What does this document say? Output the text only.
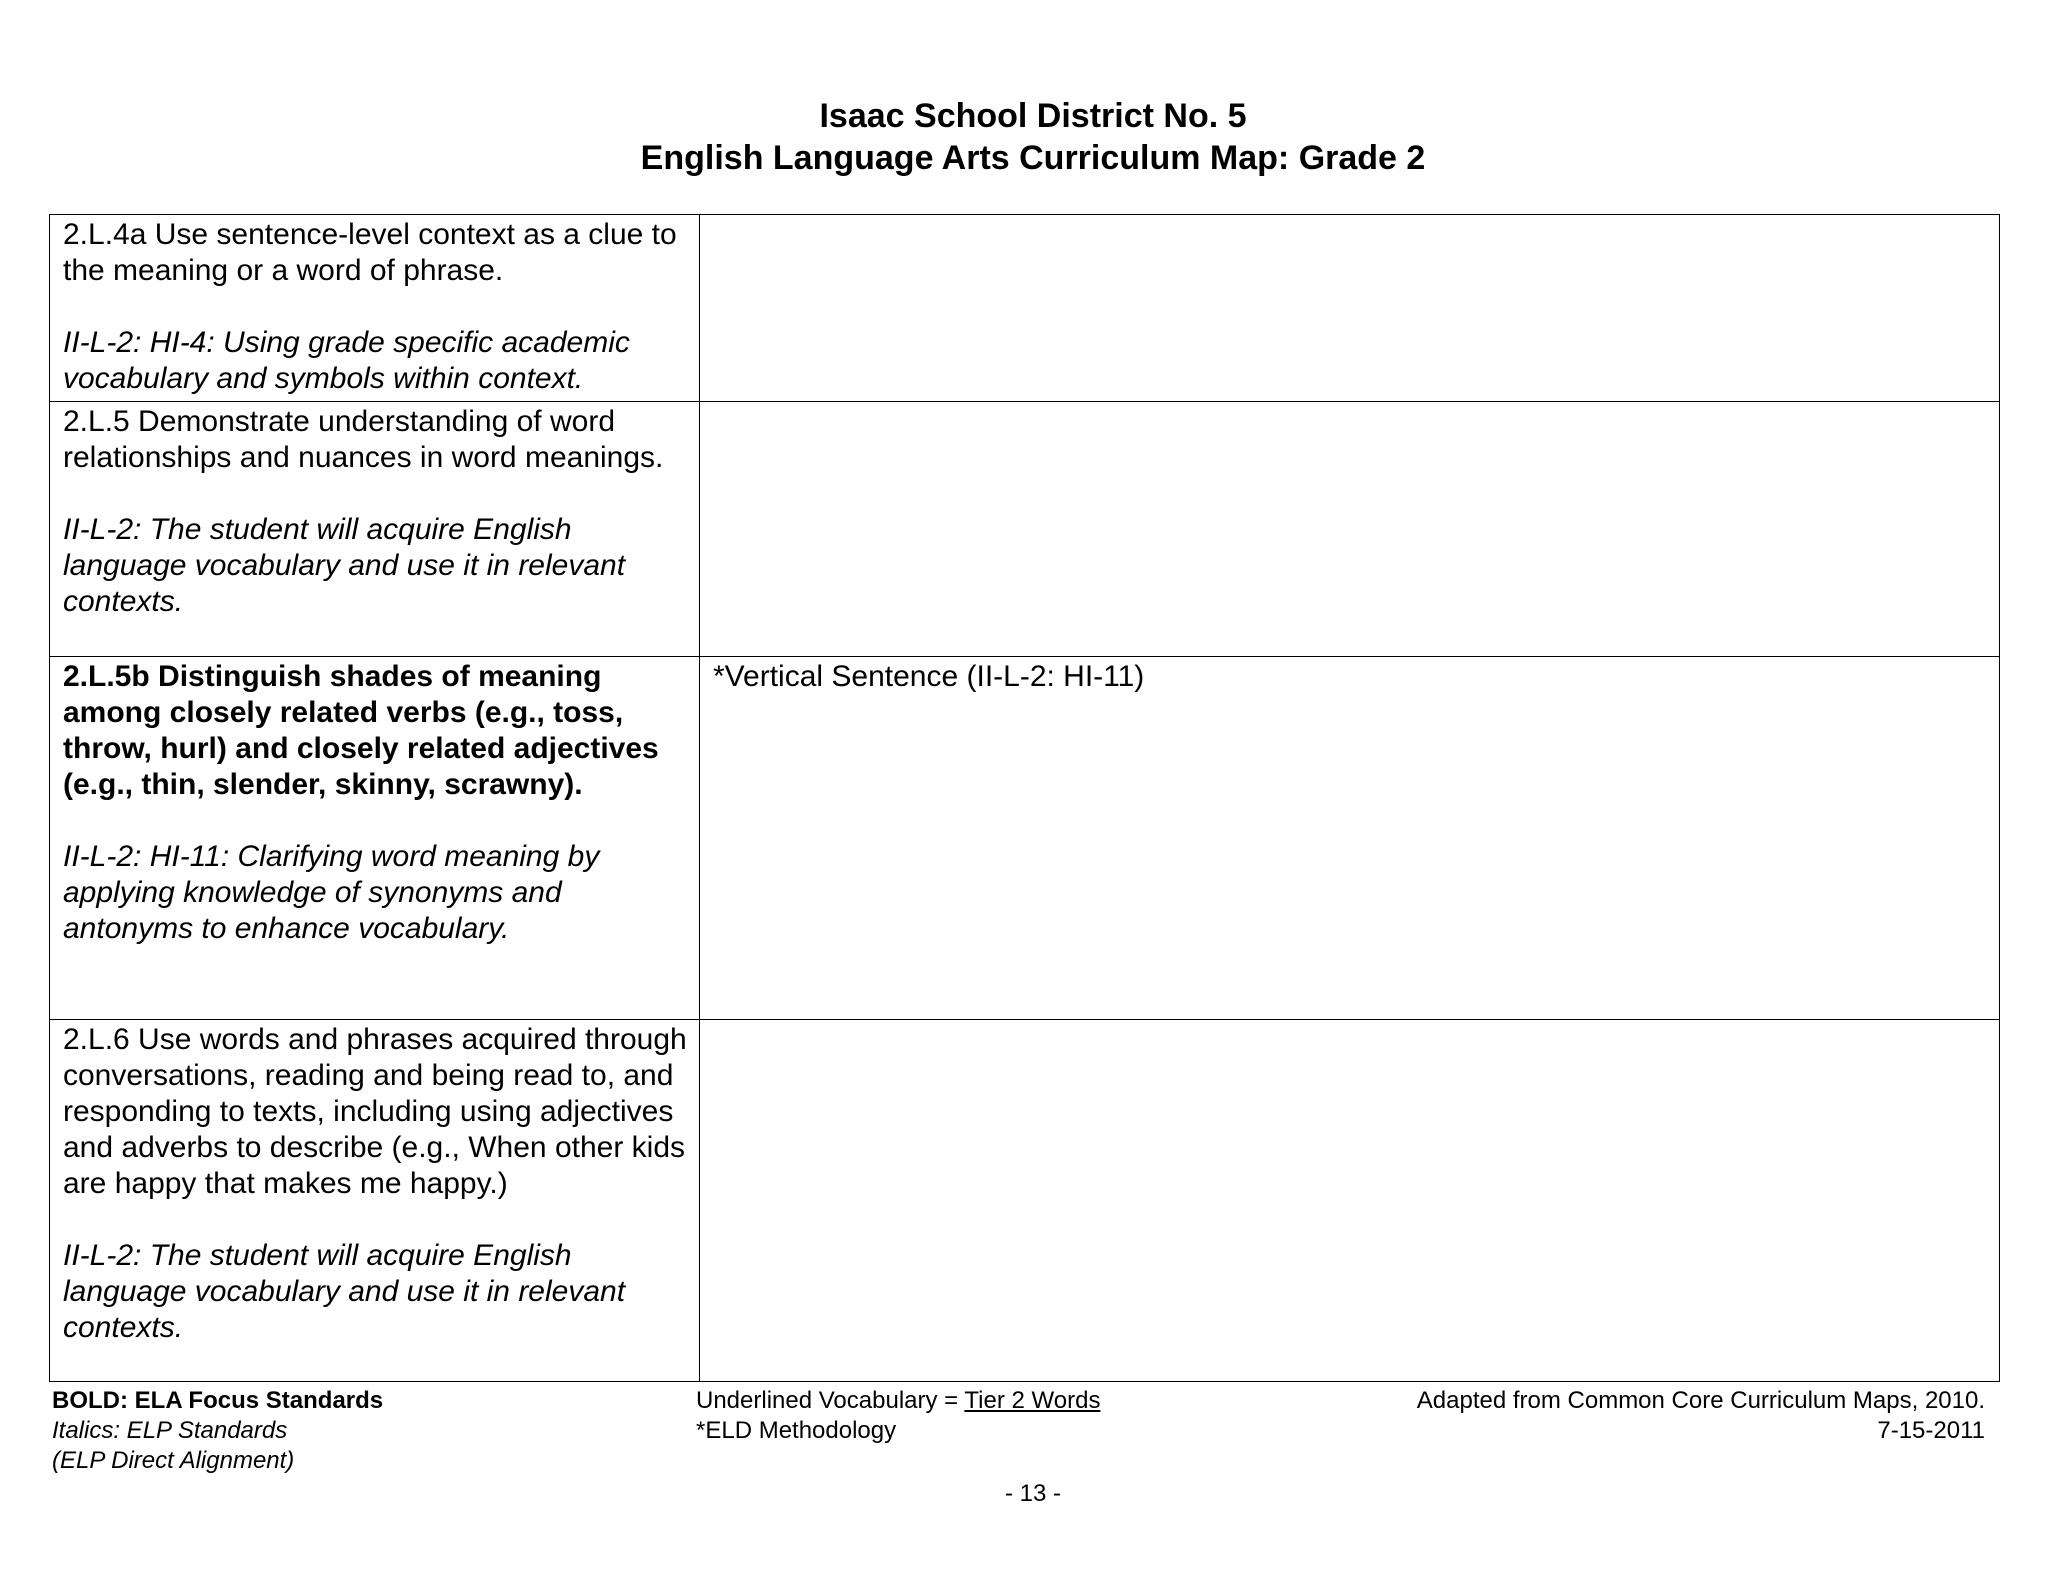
Isaac School District No. 5
English Language Arts Curriculum Map: Grade 2
2.L.4a Use sentence-level context as a clue to the meaning or a word of phrase.
II-L-2: HI-4: Using grade specific academic vocabulary and symbols within context.	

2.L.5 Demonstrate understanding of word relationships and nuances in word meanings.
II-L-2: The student will acquire English language vocabulary and use it in relevant contexts.	

2.L.5b Distinguish shades of meaning among closely related verbs (e.g., toss, throw, hurl) and closely related adjectives (e.g., thin, slender, skinny, scrawny).
II-L-2: HI-11: Clarifying word meaning by applying knowledge of synonyms and antonyms to enhance vocabulary.	*Vertical Sentence (II-L-2: HI-11)

2.L.6 Use words and phrases acquired through conversations, reading and being read to, and responding to texts, including using adjectives and adverbs to describe (e.g., When other kids are happy that makes me happy.)
II-L-2: The student will acquire English language vocabulary and use it in relevant contexts.	

BOLD: ELA Focus Standards
Italics: ELP Standards
(ELP Direct Alignment)
Underlined Vocabulary = Tier 2 Words
*ELD Methodology
Adapted from Common Core Curriculum Maps, 2010.
7-15-2011
- 13 -
